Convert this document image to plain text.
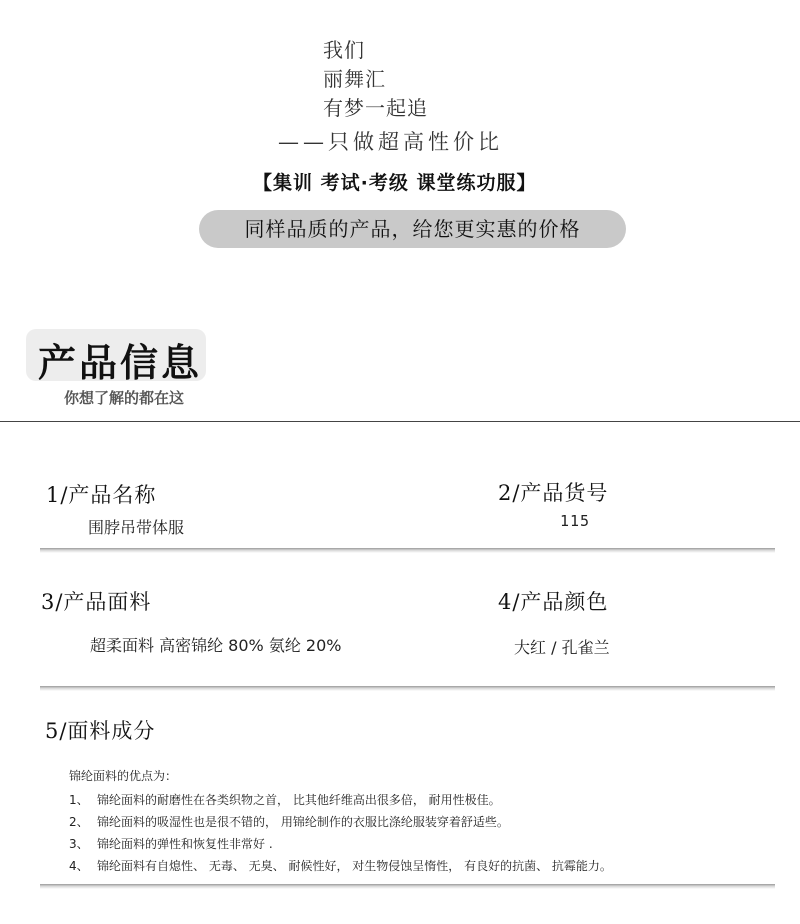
我们
丽舞汇
有梦一起追
——只做超高性价比
【集训 考试·考级 课堂练功服】
同样品质的产品，给您更实惠的价格
产品信息
你想了解的都在这
1/产品名称
围脖吊带体服
2/产品货号
115
3/产品面料
超柔面料 高密锦纶 80% 氨纶 20%
4/产品颜色
大红 / 孔雀兰
5/面料成分
锦纶面料的优点为：
1、 锦纶面料的耐磨性在各类织物之首， 比其他纤维高出很多倍， 耐用性极佳。
2、 锦纶面料的吸湿性也是很不错的， 用锦纶制作的衣服比涤纶服装穿着舒适些。
3、 锦纶面料的弹性和恢复性非常好 .
4、 锦纶面料有自熄性、 无毒、 无臭、 耐候性好， 对生物侵蚀呈惰性， 有良好的抗菌、 抗霉能力。
